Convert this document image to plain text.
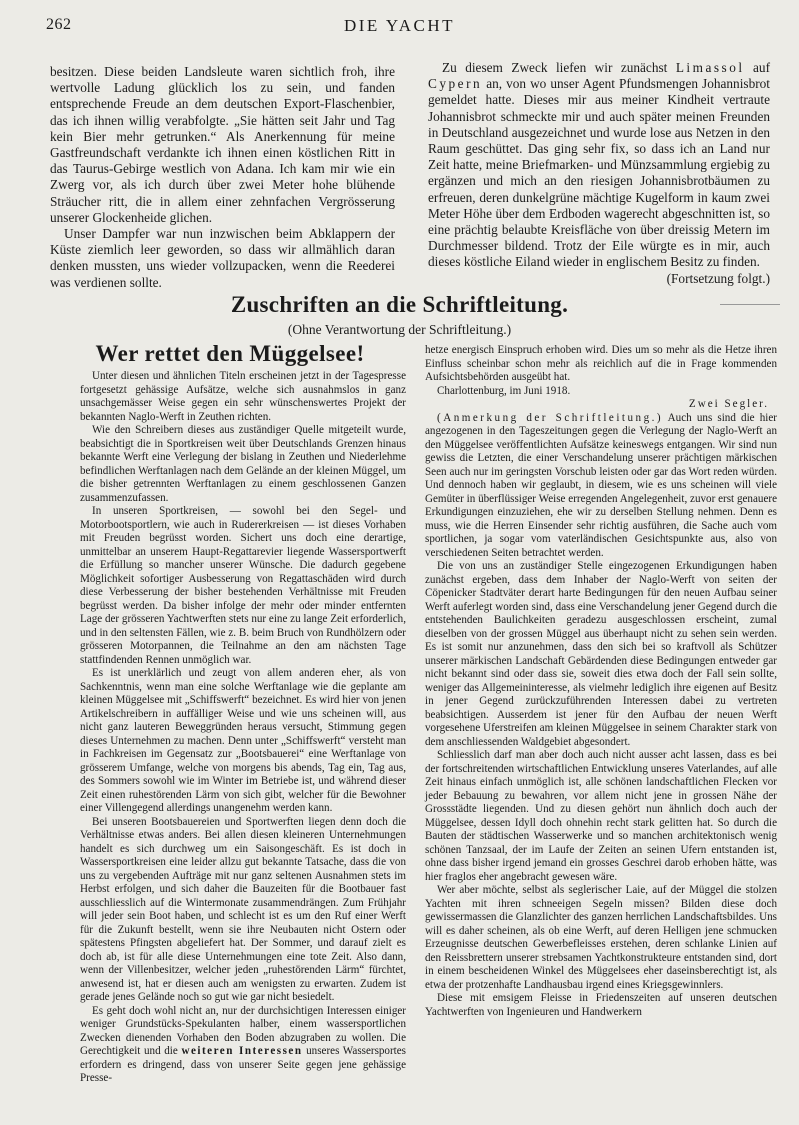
262	DIE YACHT

besitzen. Diese beiden Landsleute waren sichtlich froh, ihre wertvolle Ladung glücklich los zu sein, und fanden entsprechende Freude an dem deutschen Export-Flaschenbier, das ich ihnen willig verabfolgte. „Sie hätten seit Jahr und Tag kein Bier mehr getrunken.“ Als Anerkennung für meine Gastfreundschaft verdankte ich ihnen einen köstlichen Ritt in das Taurus-Gebirge westlich von Adana. Ich kam mir wie ein Zwerg vor, als ich durch über zwei Meter hohe blühende Sträucher ritt, die in allem einer zehnfachen Vergrösserung unserer Glockenheide glichen.

Unser Dampfer war nun inzwischen beim Abklappern der Küste ziemlich leer geworden, so dass wir allmählich daran denken mussten, uns wieder vollzupacken, wenn die Reederei was verdienen sollte.

Zu diesem Zweck liefen wir zunächst Limassol auf Cypern an, von wo unser Agent Pfundsmengen Johannisbrot gemeldet hatte. Dieses mir aus meiner Kindheit vertraute Johannisbrot schmeckte mir und auch später meinen Freunden in Deutschland ausgezeichnet und wurde lose aus Netzen in den Raum geschüttet. Das ging sehr fix, so dass ich an Land nur Zeit hatte, meine Briefmarken- und Münzsammlung ergiebig zu ergänzen und mich an den riesigen Johannisbrotbäumen zu erfreuen, deren dunkelgrüne mächtige Kugelform in kaum zwei Meter Höhe über dem Erdboden wagerecht abgeschnitten ist, so eine prächtig belaubte Kreisfläche von über dreissig Metern im Durchmesser bildend. Trotz der Eile würgte es in mir, auch dieses köstliche Eiland wieder in englischem Besitz zu finden.

(Fortsetzung folgt.)

Zuschriften an die Schriftleitung.
(Ohne Verantwortung der Schriftleitung.)
Wer rettet den Müggelsee!

Unter diesen und ähnlichen Titeln erscheinen jetzt in der Tagespresse fortgesetzt gehässige Aufsätze, welche sich ausnahmslos in ganz unsachgemässer Weise gegen ein sehr wünschenswertes Projekt der bekannten Naglo-Werft in Zeuthen richten.

Wie den Schreibern dieses aus zuständiger Quelle mitgeteilt wurde, beabsichtigt die in Sportkreisen weit über Deutschlands Grenzen hinaus bekannte Werft eine Verlegung der bislang in Zeuthen und Niederlehme befindlichen Werftanlagen nach dem Gelände an der kleinen Müggel, um die bisher getrennten Werftanlagen zu einem geschlossenen Ganzen zusammenzufassen.

In unseren Sportkreisen, — sowohl bei den Segel- und Motorbootsportlern, wie auch in Rudererkreisen — ist dieses Vorhaben mit Freuden begrüsst worden. Sichert uns doch eine derartige, unmittelbar an unserem Haupt-Regattarevier liegende Wassersportwerft die Erfüllung so mancher unserer Wünsche. Die dadurch gegebene Möglichkeit sofortiger Ausbesserung von Regattaschäden wird durch diese Verbesserung der bisher bestehenden Verhältnisse mit Freuden begrüsst werden. Da bisher infolge der mehr oder minder entfernten Lage der grösseren Yachtwerften stets nur eine zu lange Zeit erforderlich, und in den seltensten Fällen, wie z. B. beim Bruch von Rundhölzern oder grösseren Motorpannen, die Teilnahme an den am nächsten Tage stattfindenden Rennen unmöglich war.

Es ist unerklärlich und zeugt von allem anderen eher, als von Sachkenntnis, wenn man eine solche Werftanlage wie die geplante am kleinen Müggelsee mit „Schiffswerft“ bezeichnet. Es wird hier von jenen Artikelschreibern in auffälliger Weise und wie uns scheinen will, aus nicht ganz lauteren Beweggründen heraus versucht, Stimmung gegen dieses Unternehmen zu machen. Denn unter „Schiffswerft“ versteht man in Fachkreisen im Gegensatz zur „Bootsbauerei“ eine Werftanlage von grösserem Umfange, welche von morgens bis abends, Tag ein, Tag aus, des Sommers sowohl wie im Winter im Betriebe ist, und während dieser Zeit einen ruhestörenden Lärm von sich gibt, welcher für die Bewohner einer Villengegend allerdings unangenehm werden kann.

Bei unseren Bootsbauereien und Sportwerften liegen denn doch die Verhältnisse etwas anders. Bei allen diesen kleineren Unternehmungen handelt es sich durchweg um ein Saisongeschäft. Es ist doch in Wassersportkreisen eine leider allzu gut bekannte Tatsache, dass die von uns zu vergebenden Aufträge mit nur ganz seltenen Ausnahmen stets im Herbst erfolgen, und sich daher die Bauzeiten für die Bootbauer fast ausschliesslich auf die Wintermonate zusammendrängen. Zum Frühjahr will jeder sein Boot haben, und schlecht ist es um den Ruf einer Werft für die Zukunft bestellt, wenn sie ihre Neubauten nicht Ostern oder spätestens Pfingsten abgeliefert hat. Der Sommer, und darauf zielt es doch ab, ist für alle diese Unternehmungen eine tote Zeit. Also dann, wenn der Villenbesitzer, welcher jeden „ruhestörenden Lärm“ fürchtet, anwesend ist, hat er diesen auch am wenigsten zu erwarten. Zudem ist gerade jenes Gelände noch so gut wie gar nicht besiedelt.

Es geht doch wohl nicht an, nur der durchsichtigen Interessen einiger weniger Grundstücks-Spekulanten halber, einem wassersportlichen Zwecken dienenden Vorhaben den Boden abzugraben zu wollen. Die Gerechtigkeit und die weiteren Interessen unseres Wassersportes erfordern es dringend, dass von unserer Seite gegen jene gehässige Presse-

hetze energisch Einspruch erhoben wird. Dies um so mehr als die Hetze ihren Einfluss scheinbar schon mehr als reichlich auf die in Frage kommenden Aufsichtsbehörden ausgeübt hat.

Charlottenburg, im Juni 1918.
Zwei Segler.

(Anmerkung der Schriftleitung.) Auch uns sind die hier angezogenen in den Tageszeitungen gegen die Verlegung der Naglo-Werft an den Müggelsee veröffentlichten Aufsätze keineswegs entgangen. Wir sind nun gewiss die Letzten, die einer Verschandelung unserer prächtigen märkischen Seen auch nur im geringsten Vorschub leisten oder gar das Wort reden würden. Und dennoch haben wir geglaubt, in diesem, wie es uns scheinen will viele Gemüter in überflüssiger Weise erregenden Angelegenheit, zuvor erst genauere Erkundigungen einzuziehen, ehe wir zu derselben Stellung nehmen. Denn es muss, wie die Herren Einsender sehr richtig ausführen, die Sache auch vom sportlichen, ja sogar vom vaterländischen Gesichtspunkte aus, also von verschiedenen Seiten betrachtet werden.

Die von uns an zuständiger Stelle eingezogenen Erkundigungen haben zunächst ergeben, dass dem Inhaber der Naglo-Werft von seiten der Cöpenicker Stadtväter derart harte Bedingungen für den neuen Aufbau seiner Werft auferlegt worden sind, dass eine Verschandelung jener Gegend durch die entstehenden Baulichkeiten geradezu ausgeschlossen erscheint, zumal dieselben von der grossen Müggel aus überhaupt nicht zu sehen sein werden. Es ist somit nur anzunehmen, dass den sich bei so kraftvoll als Schützer unserer märkischen Landschaft Gebärdenden diese Bedingungen entweder gar nicht bekannt sind oder dass sie, soweit dies etwa doch der Fall sein sollte, weniger das Allgemeininteresse, als vielmehr lediglich ihre eigenen auf Besitz in jener Gegend zurückzuführenden Interessen dabei zu vertreten beabsichtigen. Ausserdem ist jener für den Aufbau der neuen Werft vorgesehene Uferstreifen am kleinen Müggelsee in seinem Charakter stark von dem anschliessenden Waldgebiet abgesondert.

Schliesslich darf man aber doch auch nicht ausser acht lassen, dass es bei der fortschreitenden wirtschaftlichen Entwicklung unseres Vaterlandes, auf alle Zeit hinaus einfach unmöglich ist, alle schönen landschaftlichen Flecken vor jeder Bebauung zu bewahren, vor allem nicht jene in grossen Nähe der Grossstädte liegenden. Und zu diesen gehört nun ähnlich doch auch der Müggelsee, dessen Idyll doch ohnehin recht stark gelitten hat. So durch die Bauten der städtischen Wasserwerke und so manchen architektonisch wenig schönen Tanzsaal, der im Laufe der Zeiten an seinen Ufern entstanden ist, ohne dass bisher irgend jemand ein grosses Geschrei darob erhoben hätte, was hier fraglos eher angebracht gewesen wäre.

Wer aber möchte, selbst als seglerischer Laie, auf der Müggel die stolzen Yachten mit ihren schneeigen Segeln missen? Bilden diese doch gewissermassen die Glanzlichter des ganzen herrlichen Landschaftsbildes. Uns will es daher scheinen, als ob eine Werft, auf deren Helligen jene schmucken Erzeugnisse deutschen Gewerbefleisses erstehen, deren schlanke Linien auf den Reissbrettern unserer strebsamen Yachtkonstrukteure entstanden sind, dort in einem bescheidenen Winkel des Müggelsees eher daseinsberechtigt ist, als etwa der protzenhafte Landhausbau irgend eines Kriegsgewinnlers.

Diese mit emsigem Fleisse in Friedenszeiten auf unseren deutschen Yachtwerften von Ingenieuren und Handwerkern
